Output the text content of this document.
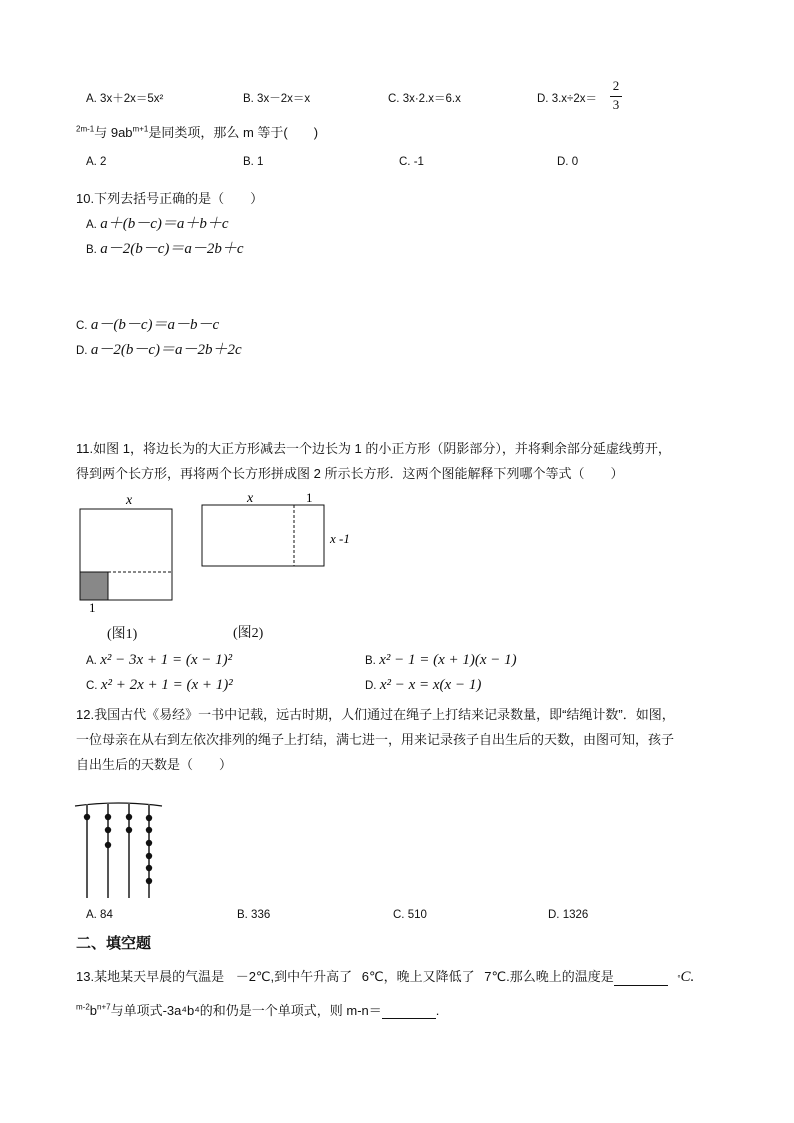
A. 3x＋2x＝5x²	B. 3x－2x＝x	C. 3x·2.x＝6.x	D. 3.x÷2x＝
2
3
$^{2m-1}$与 $9ab^{m+1}$是同类项，那么 m 等于(　　)
A. 2	B. 1	C. -1	D. 0
10.下列去括号正确的是（　　）
A. a＋(b－c)＝a＋b＋c
B. a－2(b－c)＝a－2b＋c
C. a－(b－c)＝a－b－c
D. a－2(b－c)＝a－2b＋2c
11.如图 1，将边长为的大正方形减去一个边长为 1 的小正方形（阴影部分），并将剩余部分延虚线剪开，
得到两个长方形，再将两个长方形拼成图 2 所示长方形．这两个图能解释下列哪个等式（　　）
x
1
x	1
x -1
(图1)	(图2)
A. x² − 3x + 1 = (x − 1)²	B. x² − 1 = (x + 1)(x − 1)
C. x² + 2x + 1 = (x + 1)²	D. x² − x = x(x − 1)
12.我国古代《易经》一书中记载，远古时期，人们通过在绳子上打结来记录数量，即“结绳计数”．如图，
一位母亲在从右到左依次排列的绳子上打结，满七进一，用来记录孩子自出生后的天数，由图可知，孩子
自出生后的天数是（　　）
A. 84	B. 336	C. 510	D. 1326
二、填空题
13.某地某天早晨的气温是 －2℃,到中午升高了 6℃，晚上又降低了 7℃.那么晚上的温度是	°C.
$^{m-2}b^{n+7}$与单项式-3a⁴b⁴的和仍是一个单项式，则 m-n＝	.
